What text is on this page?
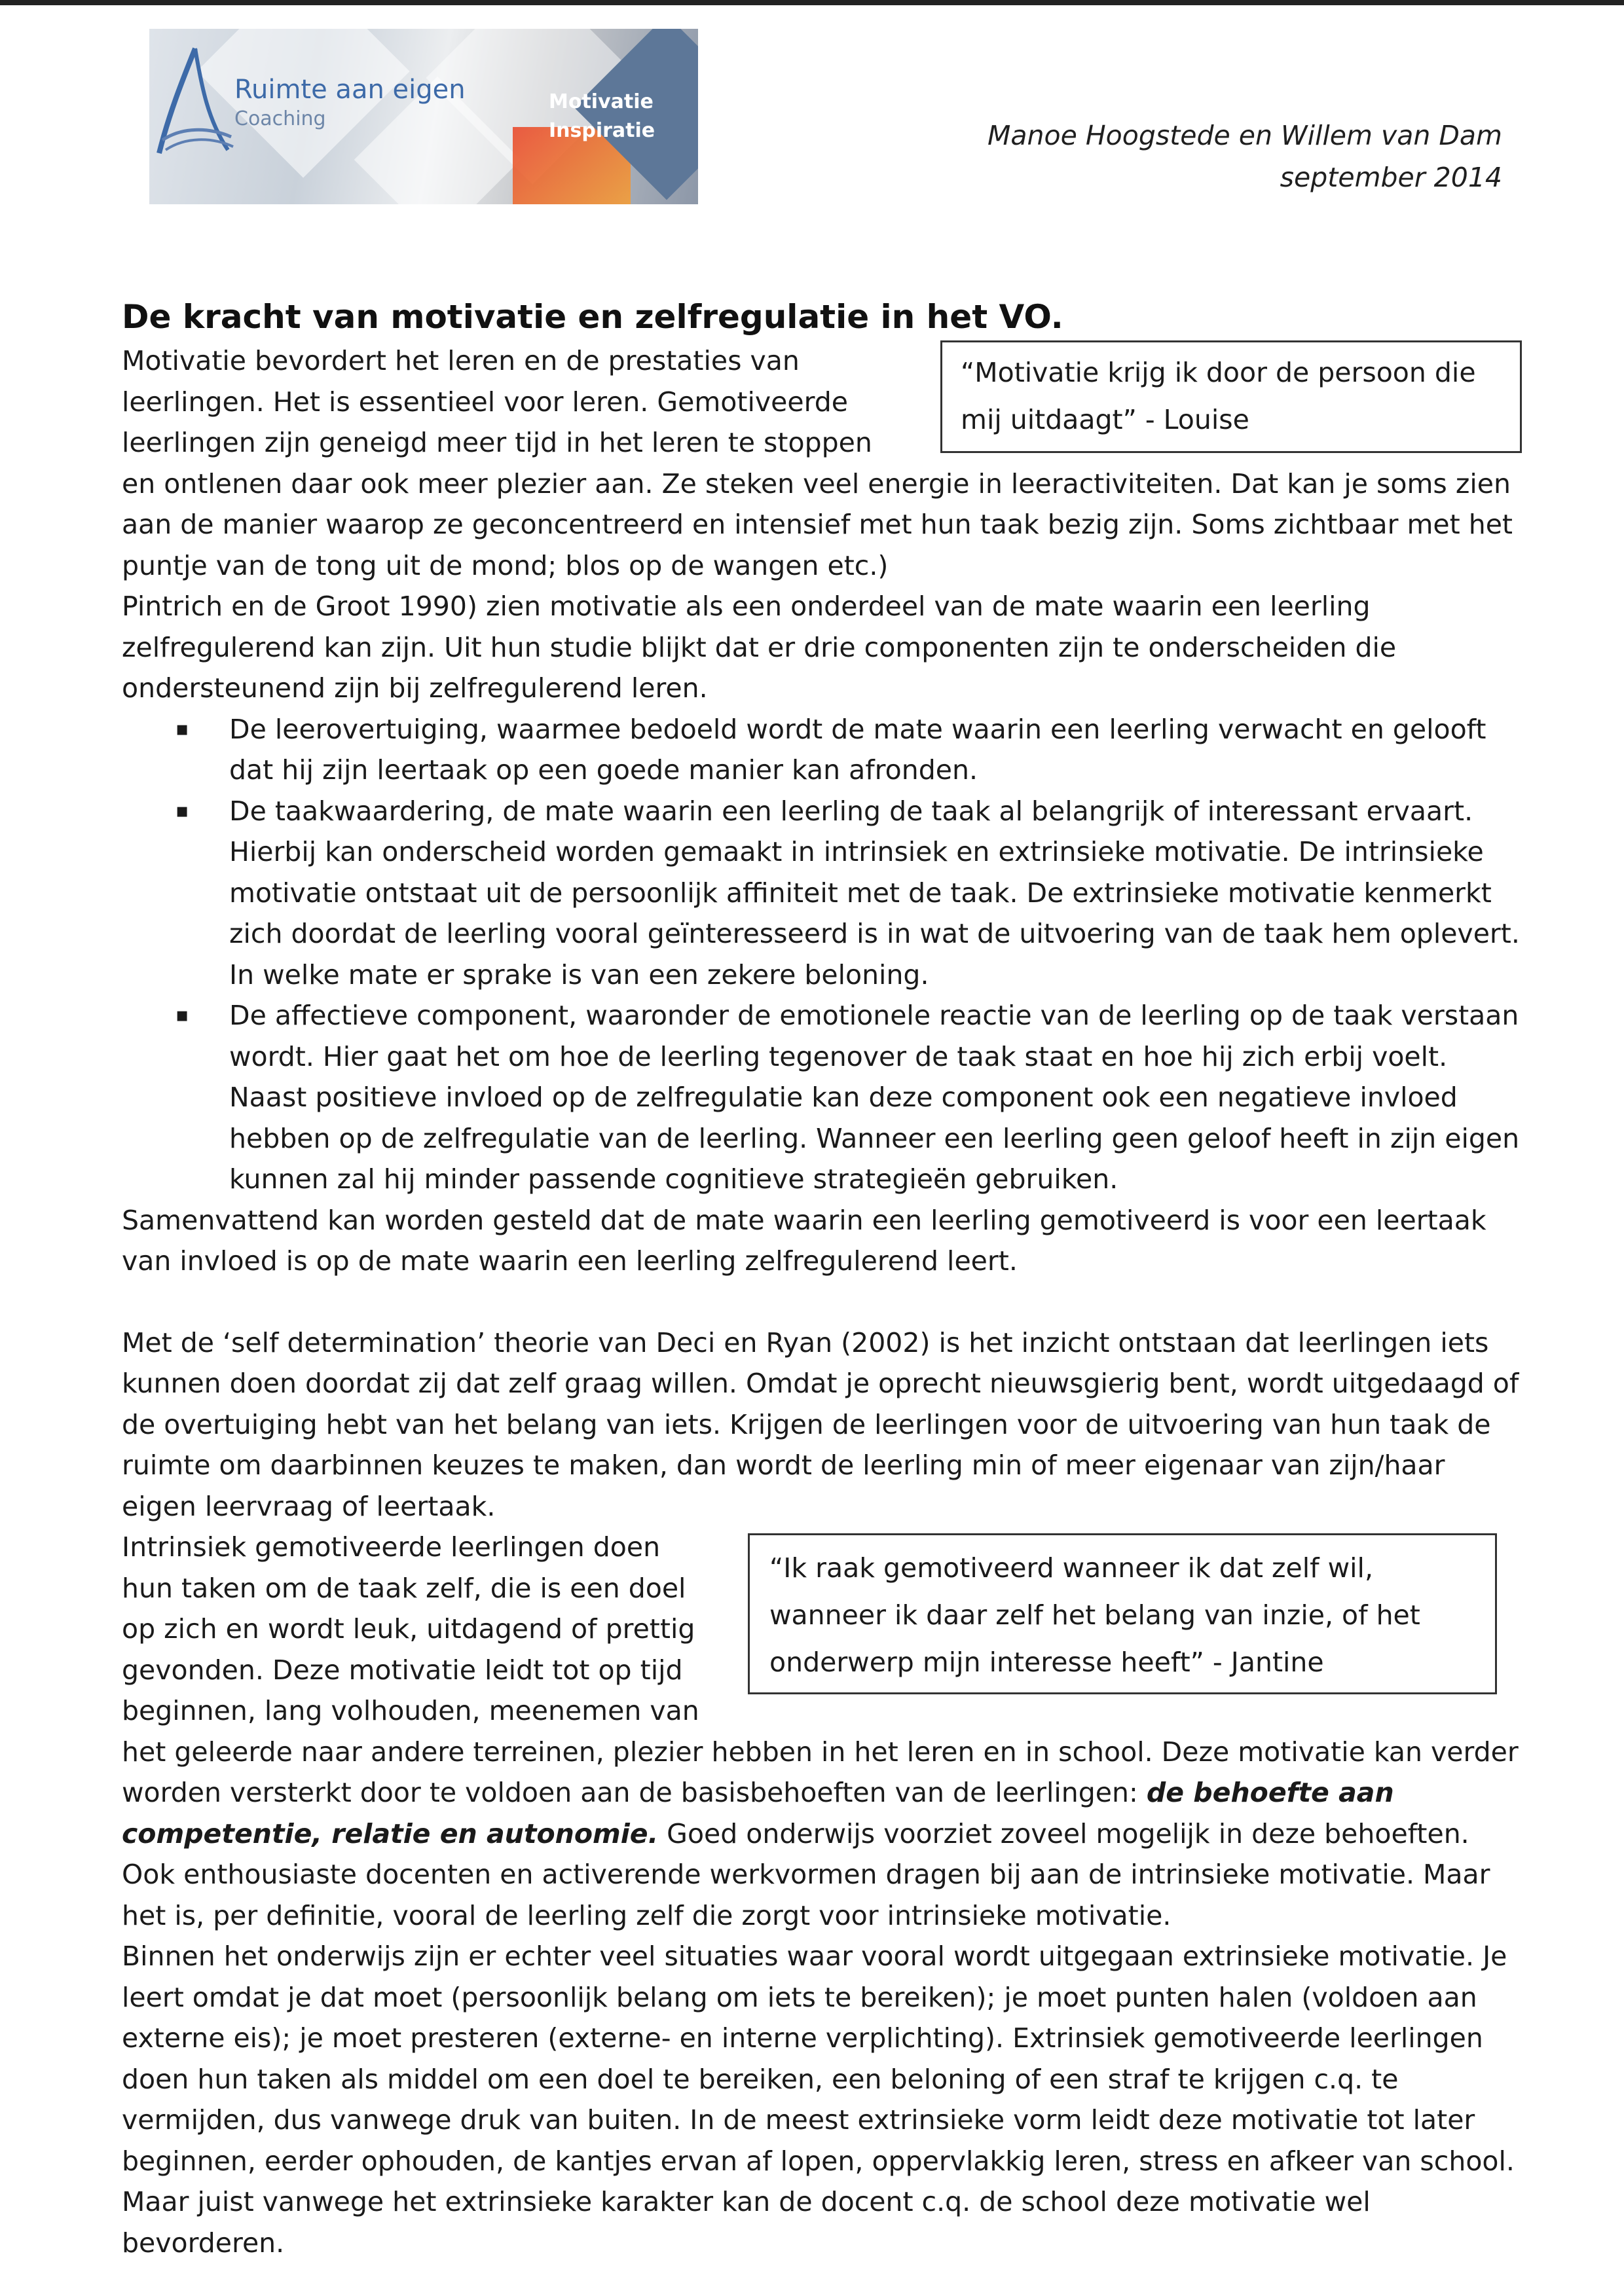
Ruimte aan eigen
Coaching
Motivatie Inspiratie	Manoe Hoogstede en Willem van Dam
september 2014
De kracht van motivatie en zelfregulatie in het VO.
“Motivatie krijg ik door de persoon die mij uitdaagt” - Louise

Motivatie bevordert het leren en de prestaties van leerlingen. Het is essentieel voor leren. Gemotiveerde leerlingen zijn geneigd meer tijd in het leren te stoppen en ontlenen daar ook meer plezier aan. Ze steken veel energie in leeractiviteiten. Dat kan je soms zien aan de manier waarop ze geconcentreerd en intensief met hun taak bezig zijn. Soms zichtbaar met het puntje van de tong uit de mond; blos op de wangen etc.)

Pintrich en de Groot 1990) zien motivatie als een onderdeel van de mate waarin een leerling zelfregulerend kan zijn. Uit hun studie blijkt dat er drie componenten zijn te onderscheiden die ondersteunend zijn bij zelfregulerend leren.

▪ De leerovertuiging, waarmee bedoeld wordt de mate waarin een leerling verwacht en gelooft dat hij zijn leertaak op een goede manier kan afronden.
▪ De taakwaardering, de mate waarin een leerling de taak al belangrijk of interessant ervaart. Hierbij kan onderscheid worden gemaakt in intrinsiek en extrinsieke motivatie. De intrinsieke motivatie ontstaat uit de persoonlijk affiniteit met de taak. De extrinsieke motivatie kenmerkt zich doordat de leerling vooral geïnteresseerd is in wat de uitvoering van de taak hem oplevert. In welke mate er sprake is van een zekere beloning.
▪ De affectieve component, waaronder de emotionele reactie van de leerling op de taak verstaan wordt. Hier gaat het om hoe de leerling tegenover de taak staat en hoe hij zich erbij voelt. Naast positieve invloed op de zelfregulatie kan deze component ook een negatieve invloed hebben op de zelfregulatie van de leerling. Wanneer een leerling geen geloof heeft in zijn eigen kunnen zal hij minder passende cognitieve strategieën gebruiken.

Samenvattend kan worden gesteld dat de mate waarin een leerling gemotiveerd is voor een leertaak van invloed is op de mate waarin een leerling zelfregulerend leert.

Met de ‘self determination’ theorie van Deci en Ryan (2002) is het inzicht ontstaan dat leerlingen iets kunnen doen doordat zij dat zelf graag willen. Omdat je oprecht nieuwsgierig bent, wordt uitgedaagd of de overtuiging hebt van het belang van iets. Krijgen de leerlingen voor de uitvoering van hun taak de ruimte om daarbinnen keuzes te maken, dan wordt de leerling min of meer eigenaar van zijn/haar eigen leervraag of leertaak.

“Ik raak gemotiveerd wanneer ik dat zelf wil, wanneer ik daar zelf het belang van inzie, of het onderwerp mijn interesse heeft” - Jantine

Intrinsiek gemotiveerde leerlingen doen hun taken om de taak zelf, die is een doel op zich en wordt leuk, uitdagend of prettig gevonden. Deze motivatie leidt tot op tijd beginnen, lang volhouden, meenemen van het geleerde naar andere terreinen, plezier hebben in het leren en in school. Deze motivatie kan verder worden versterkt door te voldoen aan de basisbehoeften van de leerlingen: de behoefte aan competentie, relatie en autonomie. Goed onderwijs voorziet zoveel mogelijk in deze behoeften. Ook enthousiaste docenten en activerende werkvormen dragen bij aan de intrinsieke motivatie. Maar het is, per definitie, vooral de leerling zelf die zorgt voor intrinsieke motivatie.

Binnen het onderwijs zijn er echter veel situaties waar vooral wordt uitgegaan extrinsieke motivatie. Je leert omdat je dat moet (persoonlijk belang om iets te bereiken); je moet punten halen (voldoen aan externe eis); je moet presteren (externe- en interne verplichting). Extrinsiek gemotiveerde leerlingen doen hun taken als middel om een doel te bereiken, een beloning of een straf te krijgen c.q. te vermijden, dus vanwege druk van buiten. In de meest extrinsieke vorm leidt deze motivatie tot later beginnen, eerder ophouden, de kantjes ervan af lopen, oppervlakkig leren, stress en afkeer van school. Maar juist vanwege het extrinsieke karakter kan de docent c.q. de school deze motivatie wel bevorderen.
